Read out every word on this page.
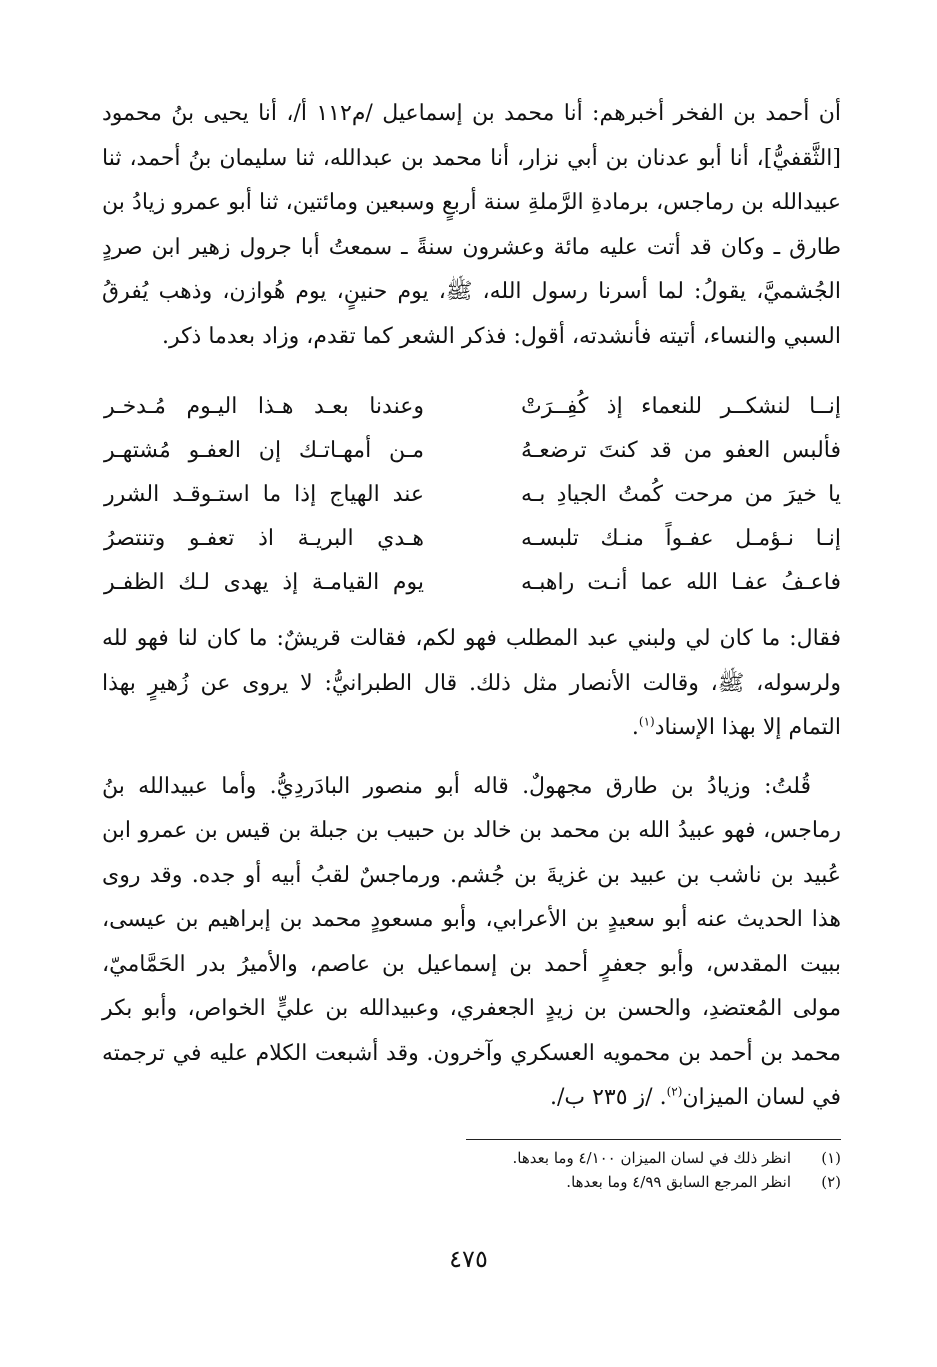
أن أحمد بن الفخر أخبرهم: أنا محمد بن إسماعيل /م١١٢ أ/، أنا يحيى بنُ محمود [الثَّقفيُّ]، أنا أبو عدنان بن أبي نزار، أنا محمد بن عبدالله، ثنا سليمان بنُ أحمد، ثنا عبيدالله بن رماجس، برمادةِ الرَّملةِ سنة أربعٍ وسبعين ومائتين، ثنا أبو عمرو زيادُ بن طارق ـ وكان قد أتت عليه مائة وعشرون سنةً ـ سمعتُ أبا جرول زهير ابن صردٍ الجُشميَّ، يقولُ: لما أسرنا رسول الله، ﷺ، يوم حنينٍ، يوم هُوازن، وذهب يُفرقُ السبي والنساء، أتيته فأنشدته، أقول: فذكر الشعر كما تقدم، وزاد بعدما ذكر.

إنــا لنشكــر للنعماء إذ كُفِــرَتْ
وعندنا بعـد هـذا اليـوم مُـدخـر
فألبس العفو من قد كنتَ ترضعـهُ
مـن أمهـاتـك إن العفـو مُشتهـر
يا خيرَ من مرحت كُمتُ الجيادِ بـه
عند الهياج إذا ما استـوقـد الشرر
إنـا نـؤمـل عفـواً منـك تلبسـه
هـدي البريـة اذ تعفـو وتنتصرُ
فاعـفُ عفـا الله عما أنـت راهبـه
يوم القيامـة إذ يهدى لـك الظفـر

فقال: ما كان لي ولبني عبد المطلب فهو لكم، فقالت قريشٌ: ما كان لنا فهو لله ولرسوله، ﷺ، وقالت الأنصار مثل ذلك. قال الطبرانيُّ: لا يروى عن زُهيرٍ بهذا التمام إلا بهذا الإسناد$^{(١)}$.

قُلتُ: وزيادُ بن طارق مجهولٌ. قاله أبو منصور البادَردِيُّ. وأما عبيدالله بنُ رماجس، فهو عبيدُ الله بن محمد بن خالد بن حبيب بن جبلة بن قيس بن عمرو ابن عُبيد بن ناشب بن عبيد بن غزيةَ بن جُشم. ورماجسٌ لقبُ أبيه أو جده. وقد روى هذا الحديث عنه أبو سعيدٍ بن الأعرابي، وأبو مسعودٍ محمد بن إبراهيم بن عيسى، ببيت المقدس، وأبو جعفرٍ أحمد بن إسماعيل بن عاصم، والأميرُ بدر الحَمَّاميّ، مولى المُعتضدِ، والحسن بن زيدٍ الجعفري، وعبيدالله بن عليٍّ الخواص، وأبو بكر محمد بن أحمد بن محمويه العسكري وآخرون. وقد أشبعت الكلام عليه في ترجمته في لسان الميزان$^{(٢)}$. /ز ٢٣٥ ب/.

(١)
انظر ذلك في لسان الميزان ٤/١٠٠ وما بعدها.
(٢)
انظر المرجع السابق ٤/٩٩ وما بعدها.
٤٧٥
